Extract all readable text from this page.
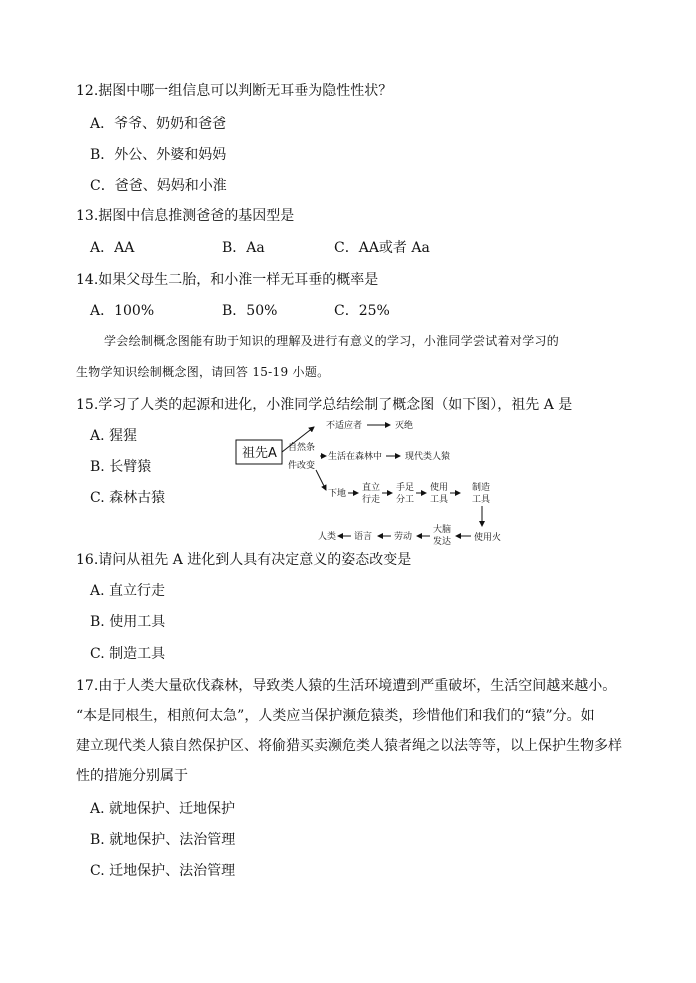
12.据图中哪一组信息可以判断无耳垂为隐性性状？
A．爷爷、奶奶和爸爸
B．外公、外婆和妈妈
C．爸爸、妈妈和小淮
13.据图中信息推测爸爸的基因型是
A．AA	B．Aa	C．AA或者 Aa
14.如果父母生二胎，和小淮一样无耳垂的概率是
A．100%	B．50%	C．25%
学会绘制概念图能有助于知识的理解及进行有意义的学习，小淮同学尝试着对学习的
生物学知识绘制概念图，请回答 15-19 小题。
15.学习了人类的起源和进化，小淮同学总结绘制了概念图（如下图），祖先 A 是
A. 猩猩
B. 长臂猿
C. 森林古猿
祖先A 自然条
件改变
不适应者	灭绝
生活在森林中	现代类人猿
下地
直立
行走
手足
分工
使用
工具
制造
工具
使用火
大脑
发达
劳动
语言
人类
16.请问从祖先 A 进化到人具有决定意义的姿态改变是
A. 直立行走
B. 使用工具
C. 制造工具
17.由于人类大量砍伐森林，导致类人猿的生活环境遭到严重破坏，生活空间越来越小。
“本是同根生，相煎何太急”，人类应当保护濒危猿类，珍惜他们和我们的“猿”分。如
建立现代类人猿自然保护区、将偷猎买卖濒危类人猿者绳之以法等等，以上保护生物多样
性的措施分别属于
A. 就地保护、迁地保护
B. 就地保护、法治管理
C. 迁地保护、法治管理
